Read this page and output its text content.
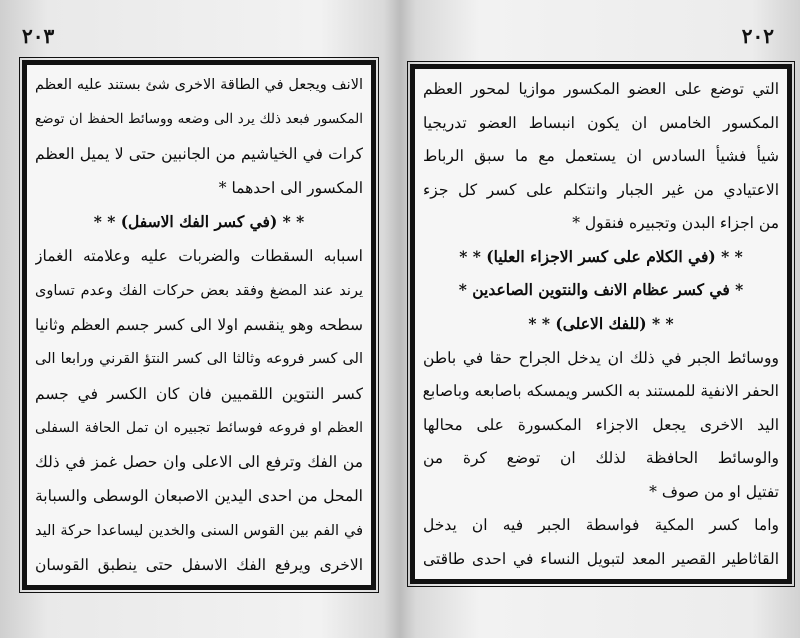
٢٠٣
الانف ويجعل في الطاقة الاخرى شئ بستند عليه العظم
المكسور فبعد ذلك يرد الى وضعه ووسائط الحفظ ان توضع
كرات في الخياشيم من الجانبين حتى لا يميل العظم
المكسور الى احدهما *
* * (في كسر الفك الاسفل) * *
اسبابه السقطات والضربات عليه وعلامته الغماز
يرند عند المضغ وفقد بعض حركات الفك وعدم تساوى
سطحه وهو ينقسم اولا الى كسر جسم العظم وثانيا
الى كسر فروعه وثالثا الى كسر النتؤ القرني ورابعا الى
كسر النتوين اللقميين فان كان الكسر في جسم
العظم او فروعه فوسائط تجبيره ان تمل الحافة السفلى
من الفك وترفع الى الاعلى وان حصل غمز في ذلك
المحل من احدى اليدين الاصبعان الوسطى والسبابة
في الفم بين القوس السنى والخدين ليساعدا حركة اليد
الاخرى ويرفع الفك الاسفل حتى ينطبق القوسان
٢٠٢
التي توضع على العضو المكسور موازيا لمحور العظم
المكسور الخامس ان يكون انبساط العضو تدريجيا
شيأ فشيأ السادس ان يستعمل مع ما سبق الرباط
الاعتيادي من غير الجبار وانتكلم على كسر كل جزء
من اجزاء البدن وتجبيره فنقول *
* * (في الكلام على كسر الاجزاء العليا) * *
* في كسر عظام الانف والنتوين الصاعدين *
* * (للفك الاعلى) * *
ووسائط الجبر في ذلك ان يدخل الجراح حقا في باطن
الحفر الانفية للمستند به الكسر ويمسكه باصابعه وباصابع
اليد الاخرى يجعل الاجزاء المكسورة على محالها
والوسائط الحافظة لذلك ان توضع كرة من
تفتيل او من صوف *
واما كسر المكية فواسطة الجبر فيه ان يدخل
القاثاطير القصير المعد لتبويل النساء في احدى طاقتى
